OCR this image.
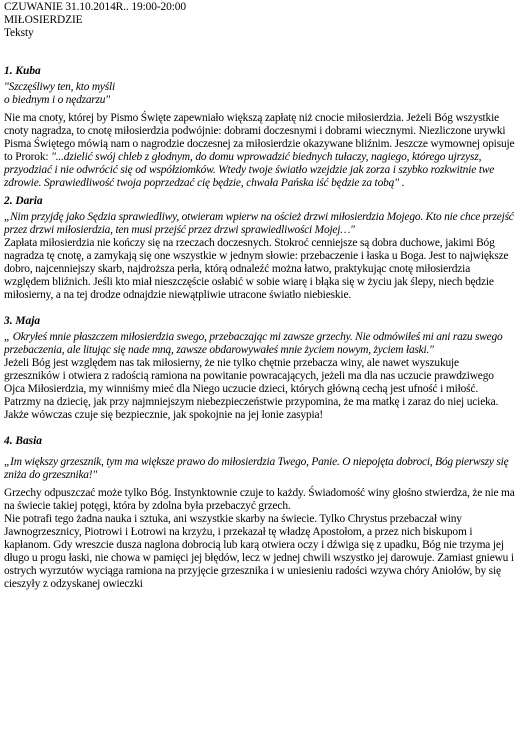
CZUWANIE 31.10.2014R.. 19:00-20:00
MIŁOSIERDZIE
Teksty
1. Kuba
"Szczęśliwy ten, kto myśli
o biednym i o nędzarzu"
Nie ma cnoty, której by Pismo Święte zapewniało większą zapłatę niż cnocie miłosierdzia. Jeżeli Bóg wszystkie cnoty nagradza, to cnotę miłosierdzia podwójnie: dobrami doczesnymi i dobrami wiecznymi. Niezliczone urywki Pisma Świętego mówią nam o nagrodzie doczesnej za miłosierdzie okazywane bliźnim. Jeszcze wymownej opisuje to Prorok: "...dzielić swój chleb z głodnym, do domu wprowadzić biednych tułaczy, nagiego, którego ujrzysz, przyodziać i nie odwrócić się od współziomków. Wtedy twoje światło wzejdzie jak zorza i szybko rozkwitnie twe zdrowie. Sprawiedliwość twoja poprzedzać cię będzie, chwała Pańska iść będzie za tobą" .
2. Daria
„Nim przyjdę jako Sędzia sprawiedliwy, otwieram wpierw na oścież drzwi miłosierdzia Mojego. Kto nie chce przejść przez drzwi miłosierdzia, ten musi przejść przez drzwi sprawiedliwości Mojej…"
Zapłata miłosierdzia nie kończy się na rzeczach doczesnych. Stokroć cenniejsze są dobra duchowe, jakimi Bóg nagradza tę cnotę, a zamykają się one wszystkie w jednym słowie: przebaczenie i łaska u Boga. Jest to największe dobro, najcenniejszy skarb, najdroższa perła, którą odnaleźć można łatwo, praktykując cnotę miłosierdzia względem bliźnich. Jeśli kto miał nieszczęście osłabić w sobie wiarę i błąka się w życiu jak ślepy, niech będzie miłosierny, a na tej drodze odnajdzie niewątpliwie utracone światło niebieskie.
3. Maja
„ Okryłeś mnie płaszczem miłosierdzia swego, przebaczając mi zawsze grzechy. Nie odmówiłeś mi ani razu swego przebaczenia, ale litując się nade mną, zawsze obdarowywałeś mnie życiem nowym, życiem łaski."
Jeżeli Bóg jest względem nas tak miłosierny, że nie tylko chętnie przebacza winy, ale nawet wyszukuje grzeszników i otwiera z radością ramiona na powitanie powracających, jeżeli ma dla nas uczucie prawdziwego Ojca Miłosierdzia, my winniśmy mieć dla Niego uczucie dzieci, których główną cechą jest ufność i miłość. Patrzmy na dziecię, jak przy najmniejszym niebezpieczeństwie przypomina, że ma matkę i zaraz do niej ucieka. Jakże wówczas czuje się bezpiecznie, jak spokojnie na jej łonie zasypia!
4. Basia
„Im większy grzesznik, tym ma większe prawo do miłosierdzia Twego, Panie. O niepojęta dobroci, Bóg pierwszy się zniża do grzesznika!"
Grzechy odpuszczać może tylko Bóg. Instynktownie czuje to każdy. Świadomość winy głośno stwierdza, że nie ma na świecie takiej potęgi, która by zdolna była przebaczyć grzech.
Nie potrafi tego żadna nauka i sztuka, ani wszystkie skarby na świecie. Tylko Chrystus przebaczał winy Jawnogrzesznicy, Piotrowi i Łotrowi na krzyżu, i przekazał tę władzę Apostołom, a przez nich biskupom i kapłanom. Gdy wreszcie dusza naglona dobrocią lub karą otwiera oczy i dźwiga się z upadku, Bóg nie trzyma jej długo u progu łaski, nie chowa w pamięci jej błędów, lecz w jednej chwili wszystko jej darowuje. Zamiast gniewu i ostrych wyrzutów wyciąga ramiona na przyjęcie grzesznika i w uniesieniu radości wzywa chóry Aniołów, by się cieszyły z odzyskanej owieczki
